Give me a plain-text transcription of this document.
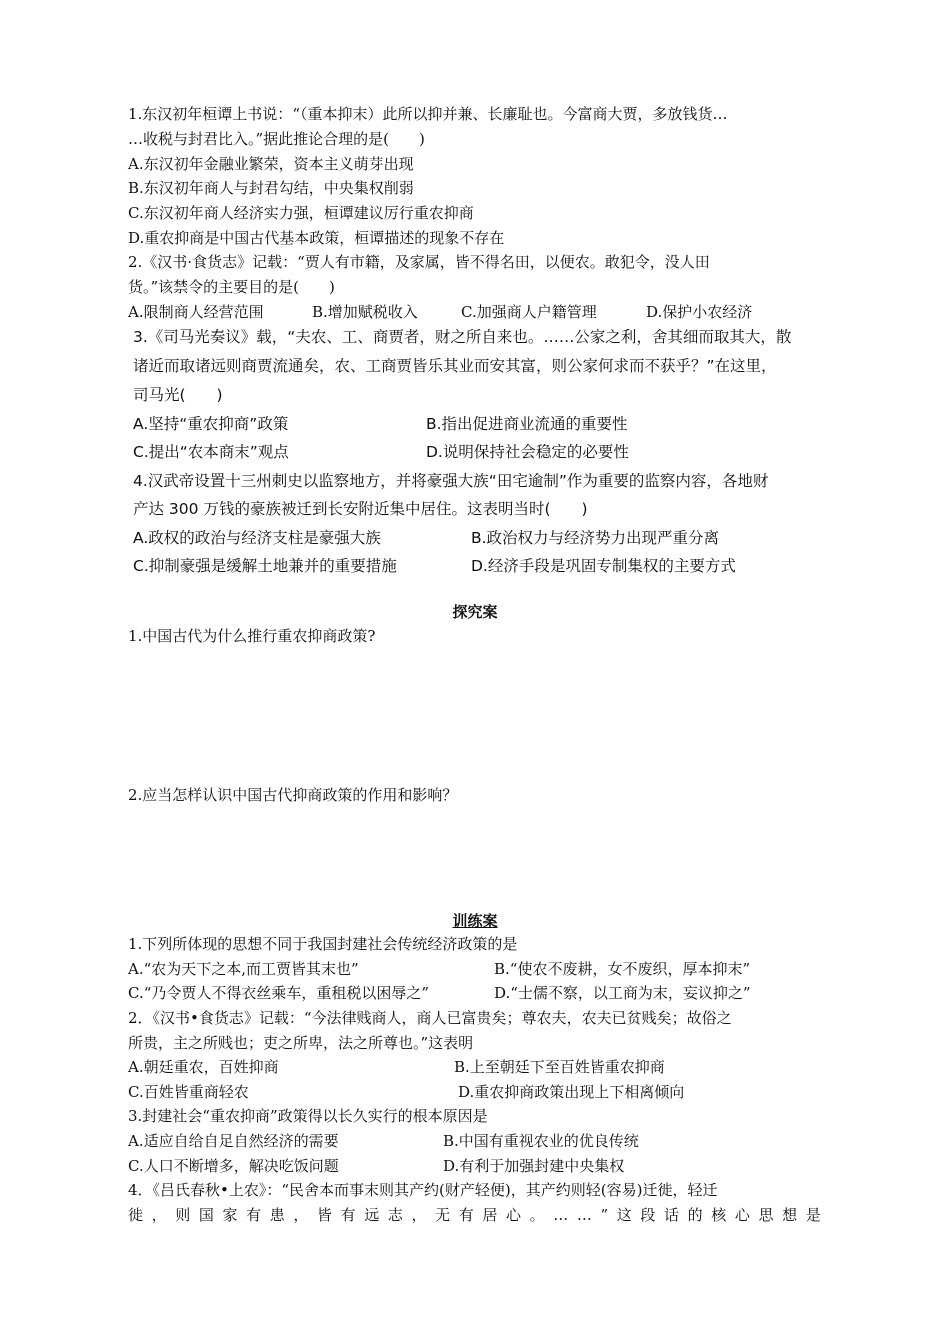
1.东汉初年桓谭上书说：“（重本抑末）此所以抑并兼、长廉耻也。今富商大贾，多放钱货…
…收税与封君比入。”据此推论合理的是(　　)
A.东汉初年金融业繁荣，资本主义萌芽出现
B.东汉初年商人与封君勾结，中央集权削弱
C.东汉初年商人经济实力强，桓谭建议厉行重农抑商
D.重农抑商是中国古代基本政策，桓谭描述的现象不存在
2.《汉书·食货志》记载：“贾人有市籍，及家属，皆不得名田，以便农。敢犯令，没人田
货。”该禁令的主要目的是(　　)
A.限制商人经营范围	B.增加赋税收入	C.加强商人户籍管理	D.保护小农经济
3.《司马光奏议》载，“夫农、工、商贾者，财之所自来也。……公家之利，舍其细而取其大，散
诸近而取诸远则商贾流通矣，农、工商贾皆乐其业而安其富，则公家何求而不获乎？”在这里，
司马光(　　)
A.坚持“重农抑商”政策	B.指出促进商业流通的重要性
C.提出“农本商末”观点	D.说明保持社会稳定的必要性
4.汉武帝设置十三州刺史以监察地方，并将豪强大族“田宅逾制”作为重要的监察内容，各地财
产达 300 万钱的豪族被迁到长安附近集中居住。这表明当时(　　)
A.政权的政治与经济支柱是豪强大族	B.政治权力与经济势力出现严重分离
C.抑制豪强是缓解土地兼并的重要措施	D.经济手段是巩固专制集权的主要方式
探究案
1.中国古代为什么推行重农抑商政策?
2.应当怎样认识中国古代抑商政策的作用和影响？
训练案
1.下列所体现的思想不同于我国封建社会传统经济政策的是
A.“农为天下之本,而工贾皆其末也”	B.“使农不废耕，女不废织，厚本抑末”
C.“乃令贾人不得衣丝乘车，重租税以困辱之”	D.“士儒不察，以工商为末，妄议抑之”
2．《汉书•食货志》记载：“今法律贱商人，商人已富贵矣；尊农夫，农夫已贫贱矣；故俗之
所贵，主之所贱也；吏之所卑，法之所尊也。”这表明
A.朝廷重农，百姓抑商	B.上至朝廷下至百姓皆重农抑商
C.百姓皆重商轻农	D.重农抑商政策出现上下相离倾向
3.封建社会“重农抑商”政策得以长久实行的根本原因是
A.适应自给自足自然经济的需要	B.中国有重视农业的优良传统
C.人口不断增多，解决吃饭问题	D.有利于加强封建中央集权
4．《吕氏春秋•上农》：“民舍本而事末则其产约(财产轻便)，其产约则轻(容易)迁徙，轻迁
徙 ， 则 国 家 有 患 ， 皆 有 远 志 ， 无 有 居 心 。 … … ” 这 段 话 的 核 心 思 想 是
